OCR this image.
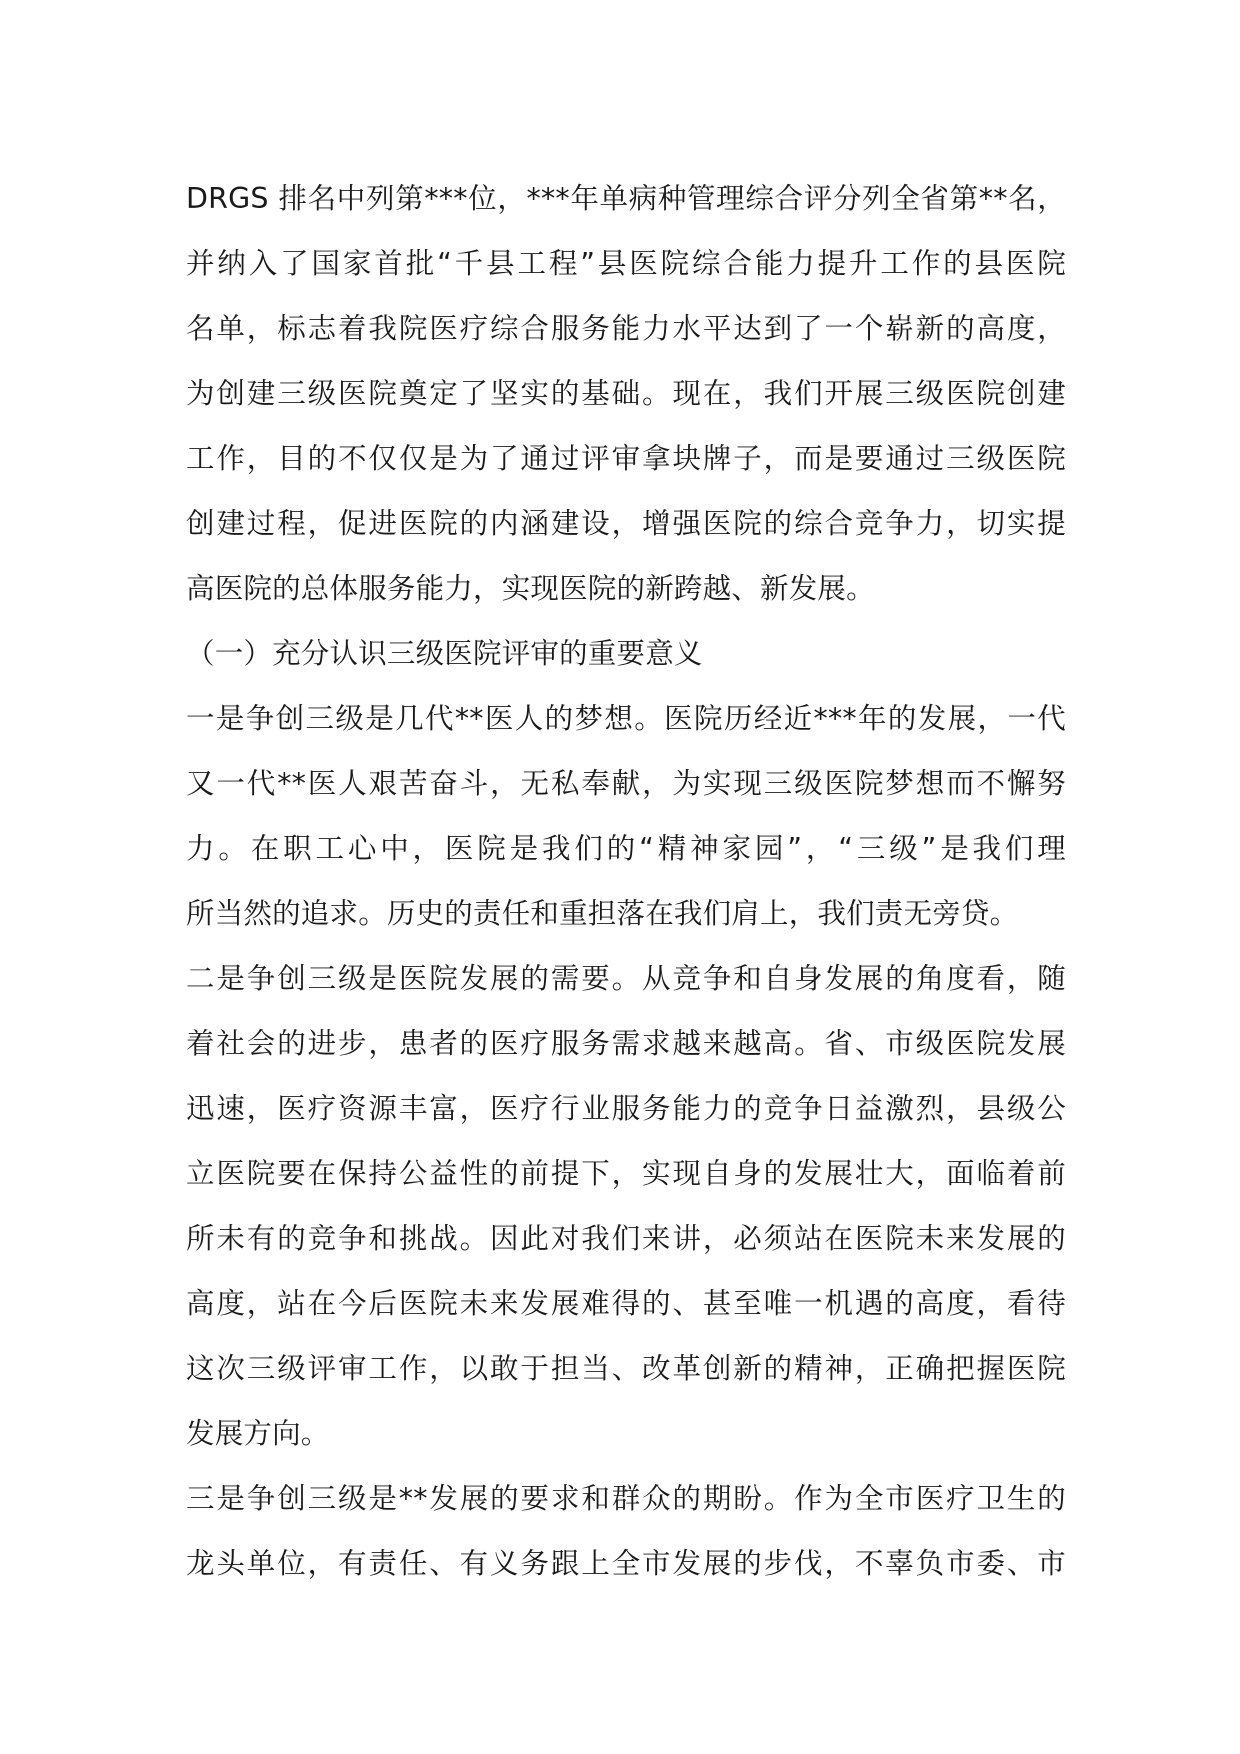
DRGS 排名中列第***位，***年单病种管理综合评分列全省第**名，
并纳入了国家首批“千县工程”县医院综合能力提升工作的县医院
名单，标志着我院医疗综合服务能力水平达到了一个崭新的高度，
为创建三级医院奠定了坚实的基础。现在，我们开展三级医院创建
工作，目的不仅仅是为了通过评审拿块牌子，而是要通过三级医院
创建过程，促进医院的内涵建设，增强医院的综合竞争力，切实提
高医院的总体服务能力，实现医院的新跨越、新发展。
（一）充分认识三级医院评审的重要意义
一是争创三级是几代**医人的梦想。医院历经近***年的发展，一代
又一代**医人艰苦奋斗，无私奉献，为实现三级医院梦想而不懈努
力。在职工心中，医院是我们的“精神家园”，“三级”是我们理
所当然的追求。历史的责任和重担落在我们肩上，我们责无旁贷。
二是争创三级是医院发展的需要。从竞争和自身发展的角度看，随
着社会的进步，患者的医疗服务需求越来越高。省、市级医院发展
迅速，医疗资源丰富，医疗行业服务能力的竞争日益激烈，县级公
立医院要在保持公益性的前提下，实现自身的发展壮大，面临着前
所未有的竞争和挑战。因此对我们来讲，必须站在医院未来发展的
高度，站在今后医院未来发展难得的、甚至唯一机遇的高度，看待
这次三级评审工作，以敢于担当、改革创新的精神，正确把握医院
发展方向。
三是争创三级是**发展的要求和群众的期盼。作为全市医疗卫生的
龙头单位，有责任、有义务跟上全市发展的步伐，不辜负市委、市
